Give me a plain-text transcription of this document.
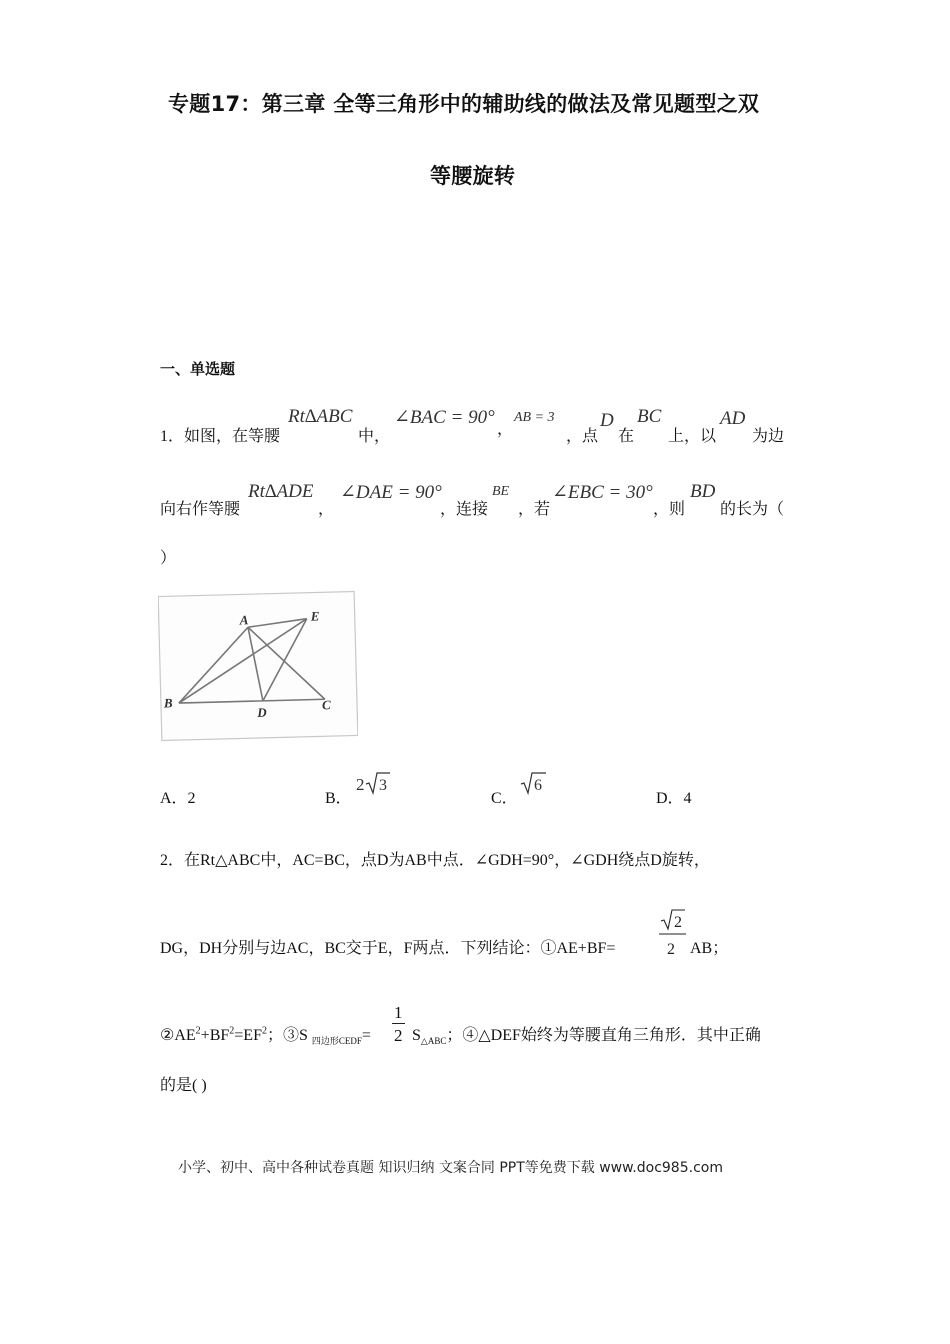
专题17：第三章 全等三角形中的辅助线的做法及常见题型之双
等腰旋转
一、单选题
1．如图，在等腰
Rt∆ABC
中，
∠BAC = 90°
，
AB = 3
，点
D
在
BC
上，以
AD
为边
向右作等腰
Rt∆ADE
，
∠DAE = 90°
，连接
BE
，若
∠EBC = 30°
，则
BD
的长为（
）
A	E
B
D
C
A．2	B．
2 3
C．
6
D．4
2．在Rt△ABC中，AC=BC，点D为AB中点．∠GDH=90°，∠GDH绕点D旋转，
DG，DH分别与边AC，BC交于E，F两点．下列结论：①AE+BF=
2
2 AB；
$②AE^2+BF^2=EF^2$；③S $_{四边形CEDF}= \frac{1}{2} S_{\triangle ABC}$；④△DEF始终为等腰直角三角形．其中正确
的是( )
小学、初中、高中各种试卷真题 知识归纳 文案合同 PPT等免费下载 www.doc985.com
